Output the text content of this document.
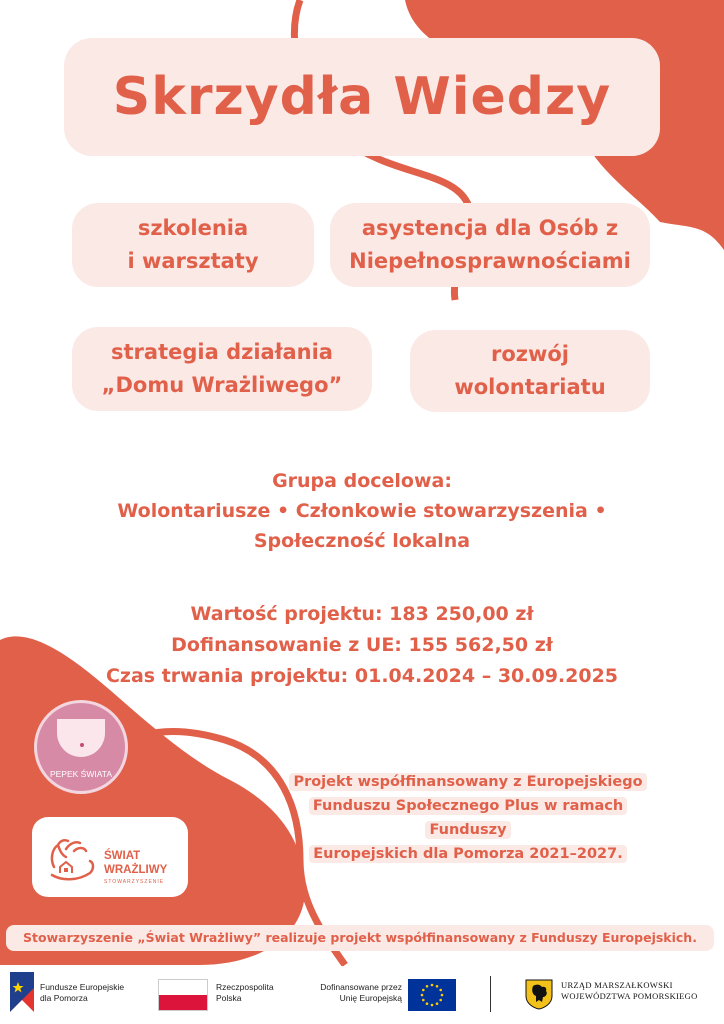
Skrzydła Wiedzy
szkolenia
i warsztaty
asystencja dla Osób z
Niepełnosprawnościami
strategia działania
„Domu Wrażliwego”
rozwój
wolontariatu
Grupa docelowa:
Wolontariusze • Członkowie stowarzyszenia •
Społeczność lokalna
Wartość projektu: 183 250,00 zł
Dofinansowanie z UE: 155 562,50 zł
Czas trwania projektu: 01.04.2024 – 30.09.2025
PEPEK ŚWIATA	Projekt współfinansowany z Europejskiego
Funduszu Społecznego Plus w ramach Funduszy
Europejskich dla Pomorza 2021–2027.
ŚWIAT
WRAŻLIWY
STOWARZYSZENIE
Stowarzyszenie „Świat Wrażliwy” realizuje projekt współfinansowany z Funduszy Europejskich.
Fundusze Europejskie
dla Pomorza
Rzeczpospolita
Polska
Dofinansowane przez
Unię Europejską
URZĄD MARSZAŁKOWSKI
WOJEWÓDZTWA POMORSKIEGO
